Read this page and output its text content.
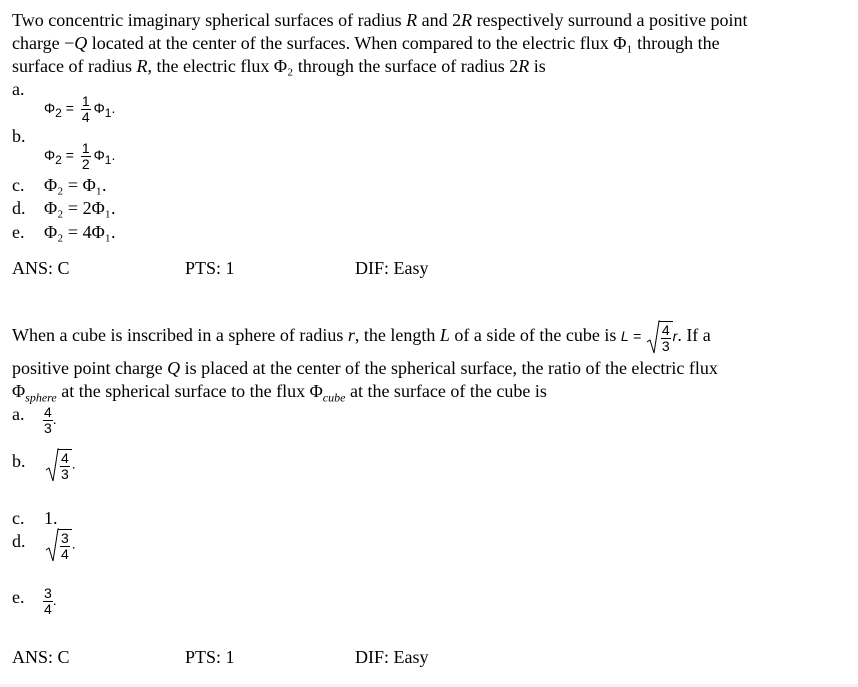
Two concentric imaginary spherical surfaces of radius R and 2R respectively surround a positive point
charge −Q located at the center of the surfaces. When compared to the electric flux Φ₁ through the
surface of radius R, the electric flux Φ₂ through the surface of radius 2R is
a.
$\Phi_2 = \frac{1}{4} \Phi_1$.
b.
$\Phi_2 = \frac{1}{2} \Phi_1$.
c. Φ₂ = Φ₁.
d. Φ₂ = 2Φ₁.
e. Φ₂ = 4Φ₁.
ANS: C	PTS: 1	DIF: Easy
When a cube is inscribed in a sphere of radius r, the length L of a side of the cube is $L = \frac{4}{3} r$. If a
positive point charge Q is placed at the center of the spherical surface, the ratio of the electric flux
$\Phi_{sphere}$ at the spherical surface to the flux $\Phi_{cube}$ at the surface of the cube is
a. $\frac{4}{3}$ .
b. $\frac{4}{3}$ .
c. 1.
d. $\frac{3}{4}$ .
e. $\frac{3}{4}$ .
ANS: C	PTS: 1	DIF: Easy
